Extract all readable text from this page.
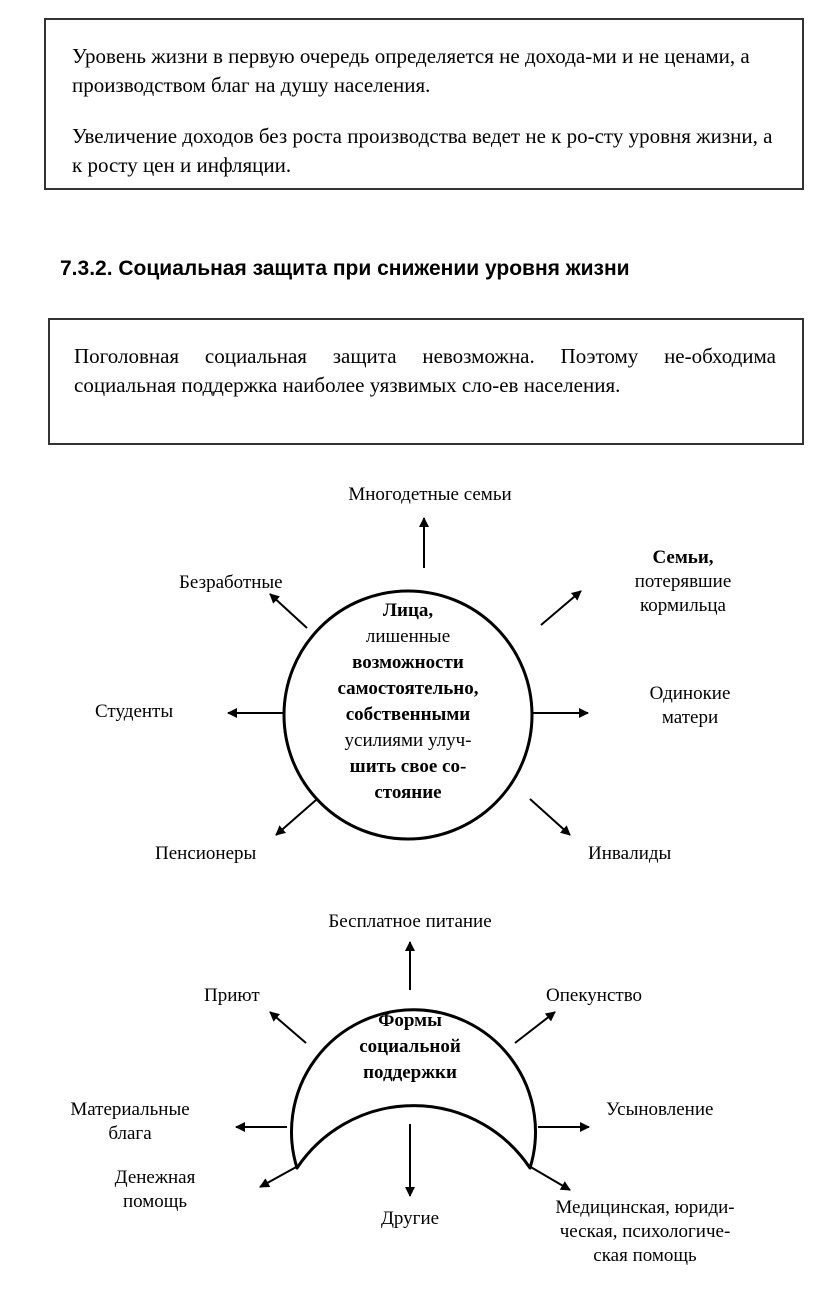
Уровень жизни в первую очередь определяется не дохода-ми и не ценами, а производством благ на душу населения.

Увеличение доходов без роста производства ведет не к ро-сту уровня жизни, а к росту цен и инфляции.

7.3.2. Социальная защита при снижении уровня жизни

Поголовная социальная защита невозможна. Поэтому не-обходима социальная поддержка наиболее уязвимых сло-ев населения.

Лица,
лишенные
возможности
самостоятельно,
собственными
усилиями улуч-
шить свое со-
стояние
Многодетные семьи
Безработные
Семьи,
потерявшие
кормильца
Студенты
Одинокие
матери
Пенсионеры	Инвалиды
Формы
социальной
поддержки
Бесплатное питание
Приют	Опекунство
Материальные
блага
Усыновление
Денежная
помощь
Другие
Медицинская, юриди-
ческая, психологиче-
ская помощь
